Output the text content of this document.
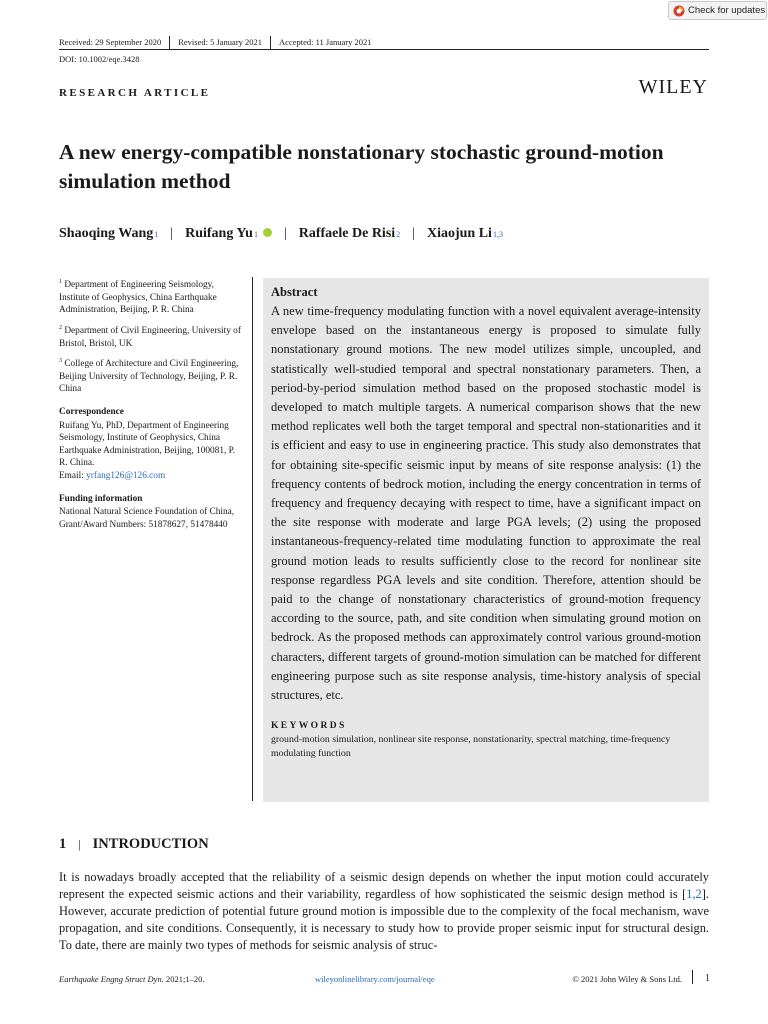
Check for updates
Received: 29 September 2020 Revised: 5 January 2021 Accepted: 11 January 2021
DOI: 10.1002/eqe.3428
RESEARCH ARTICLE	WILEY
A new energy-compatible nonstationary stochastic ground-motion simulation method
Shaoqing Wang 1 | Ruifang Yu 1 | Raffaele De Risi 2 | Xiaojun Li 1,3

$^1$ Department of Engineering Seismology, Institute of Geophysics, China Earthquake Administration, Beijing, P. R. China

$^2$ Department of Civil Engineering, University of Bristol, Bristol, UK

$^3$ College of Architecture and Civil Engineering, Beijing University of Technology, Beijing, P. R. China

Correspondence

Ruifang Yu, PhD, Department of Engineering Seismology, Institute of Geophysics, China Earthquake Administration, Beijing, 100081, P. R. China.

Email: yrfang126@126.com

Funding information

National Natural Science Foundation of China, Grant/Award Numbers: 51878627, 51478440

Abstract
A new time-frequency modulating function with a novel equivalent average-intensity envelope based on the instantaneous energy is proposed to simulate fully nonstationary ground motions. The new model utilizes simple, uncoupled, and statistically well-studied temporal and spectral nonstationary parameters. Then, a period-by-period simulation method based on the proposed stochastic model is developed to match multiple targets. A numerical comparison shows that the new method replicates well both the target temporal and spectral non-stationarities and it is efficient and easy to use in engineering practice. This study also demonstrates that for obtaining site-specific seismic input by means of site response analysis: (1) the frequency contents of bedrock motion, including the energy concentration in terms of frequency and frequency decaying with respect to time, have a significant impact on the site response with moderate and large PGA levels; (2) using the proposed instantaneous-frequency-related time modulating function to approximate the real ground motion leads to results sufficiently close to the record for nonlinear site response regardless PGA levels and site condition. Therefore, attention should be paid to the change of nonstationary characteristics of ground-motion frequency according to the source, path, and site condition when simulating ground motion on bedrock. As the proposed methods can approximately control various ground-motion characters, different targets of ground-motion simulation can be matched for different engineering purpose such as site response analysis, time-history analysis of special structures, etc.
KEYWORDS
ground-motion simulation, nonlinear site response, nonstationarity, spectral matching, time-frequency modulating function
1 | INTRODUCTION
It is nowadays broadly accepted that the reliability of a seismic design depends on whether the input motion could accurately represent the expected seismic actions and their variability, regardless of how sophisticated the seismic design method is [1,2]. However, accurate prediction of potential future ground motion is impossible due to the complexity of the focal mechanism, wave propagation, and site conditions. Consequently, it is necessary to study how to provide proper seismic input for structural design. To date, there are mainly two types of methods for seismic analysis of struc-
Earthquake Engng Struct Dyn. 2021;1–20.	wileyonlinelibrary.com/journal/eqe	© 2021 John Wiley & Sons Ltd. 1
